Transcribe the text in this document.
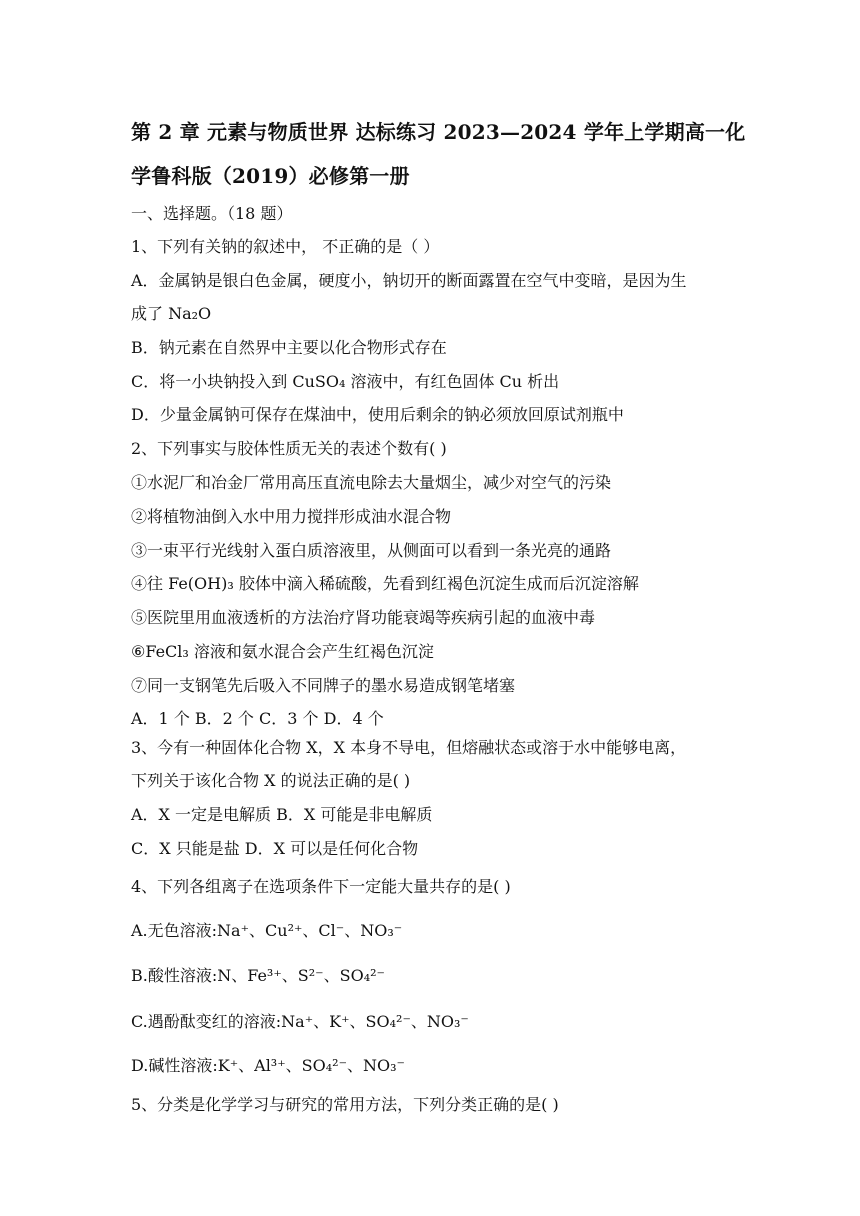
第 2 章 元素与物质世界 达标练习 2023—2024 学年上学期高一化
学鲁科版（2019）必修第一册
一、选择题。（18 题）
1、下列有关钠的叙述中， 不正确的是（ ）
A．金属钠是银白色金属，硬度小，钠切开的断面露置在空气中变暗，是因为生
成了 Na₂O
B．钠元素在自然界中主要以化合物形式存在
C．将一小块钠投入到 CuSO₄ 溶液中，有红色固体 Cu 析出
D．少量金属钠可保存在煤油中，使用后剩余的钠必须放回原试剂瓶中
2、下列事实与胶体性质无关的表述个数有( )
①水泥厂和冶金厂常用高压直流电除去大量烟尘，减少对空气的污染
②将植物油倒入水中用力搅拌形成油水混合物
③一束平行光线射入蛋白质溶液里，从侧面可以看到一条光亮的通路
④往 Fe(OH)₃ 胶体中滴入稀硫酸，先看到红褐色沉淀生成而后沉淀溶解
⑤医院里用血液透析的方法治疗肾功能衰竭等疾病引起的血液中毒
⑥FeCl₃ 溶液和氨水混合会产生红褐色沉淀
⑦同一支钢笔先后吸入不同牌子的墨水易造成钢笔堵塞
A．1 个 B．2 个 C．3 个 D．4 个
3、今有一种固体化合物 X，X 本身不导电，但熔融状态或溶于水中能够电离，
下列关于该化合物 X 的说法正确的是( )
A．X 一定是电解质 B．X 可能是非电解质
C．X 只能是盐 D．X 可以是任何化合物
4、下列各组离子在选项条件下一定能大量共存的是( )
A.无色溶液:Na⁺、Cu²⁺、Cl⁻、NO₃⁻
B.酸性溶液:N、Fe³⁺、S²⁻、SO₄²⁻
C.遇酚酞变红的溶液:Na⁺、K⁺、SO₄²⁻、NO₃⁻
D.碱性溶液:K⁺、Al³⁺、SO₄²⁻、NO₃⁻
5、分类是化学学习与研究的常用方法，下列分类正确的是( )
